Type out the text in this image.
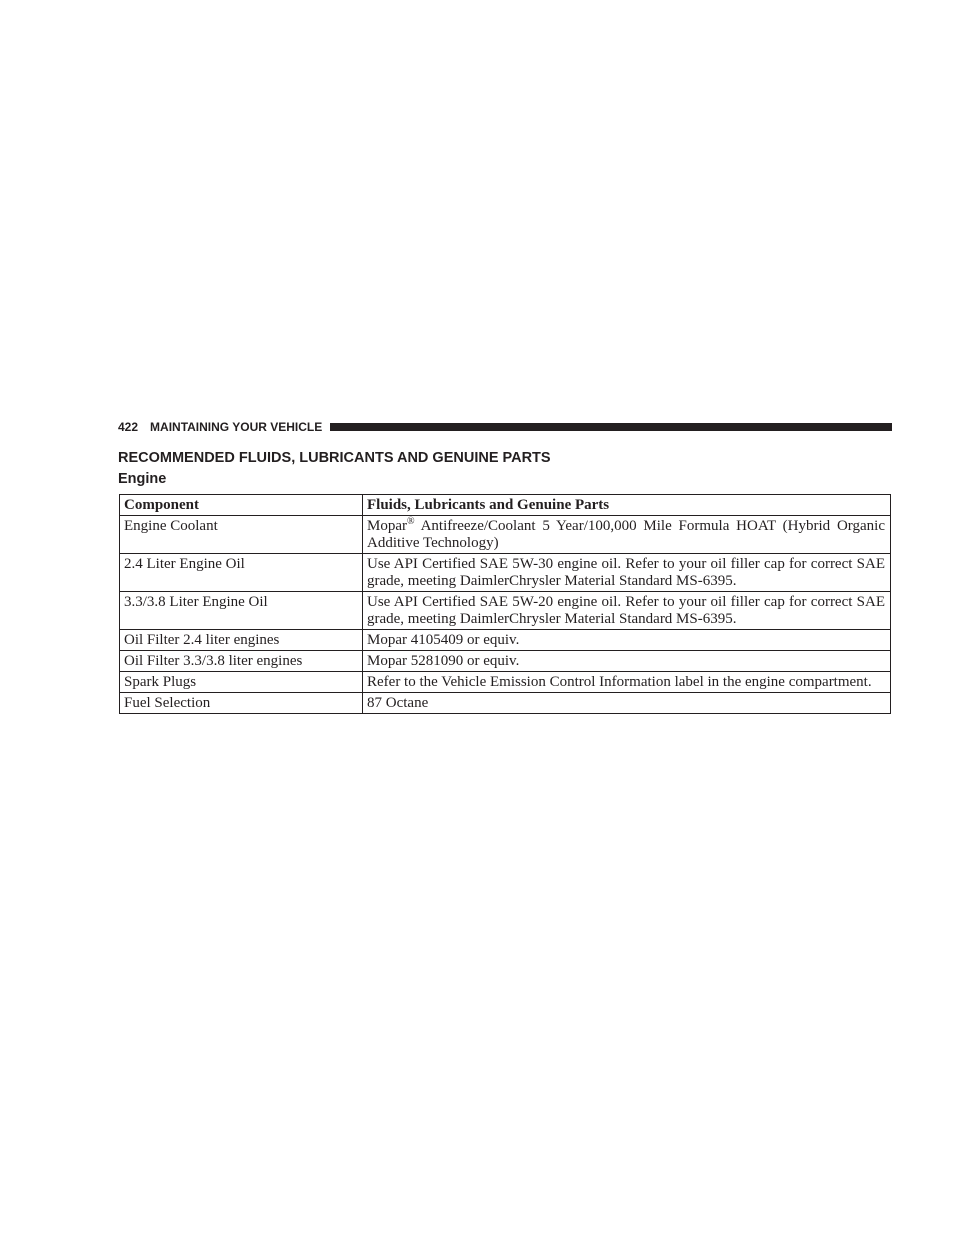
422 MAINTAINING YOUR VEHICLE
RECOMMENDED FLUIDS, LUBRICANTS AND GENUINE PARTS
Engine
Component	Fluids, Lubricants and Genuine Parts
Engine Coolant	Mopar® Antifreeze/Coolant 5 Year/100,000 Mile Formula HOAT (Hybrid Organic Additive Technology)
2.4 Liter Engine Oil	Use API Certified SAE 5W-30 engine oil. Refer to your oil filler cap for correct SAE grade, meeting DaimlerChrysler Material Standard MS-6395.
3.3/3.8 Liter Engine Oil	Use API Certified SAE 5W-20 engine oil. Refer to your oil filler cap for correct SAE grade, meeting DaimlerChrysler Material Standard MS-6395.
Oil Filter 2.4 liter engines	Mopar 4105409 or equiv.
Oil Filter 3.3/3.8 liter engines	Mopar 5281090 or equiv.
Spark Plugs	Refer to the Vehicle Emission Control Information label in the engine compartment.
Fuel Selection	87 Octane
